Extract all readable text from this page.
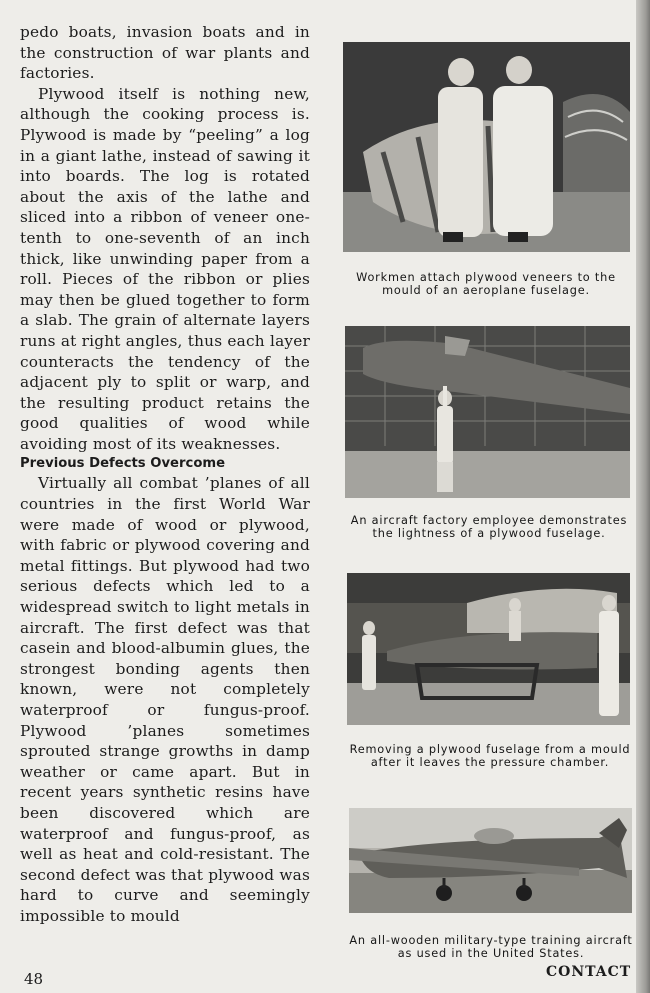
pedo boats, invasion boats and in the construction of war plants and factories.

Plywood itself is nothing new, although the cooking process is. Plywood is made by “peeling” a log in a giant lathe, instead of sawing it into boards. The log is rotated about the axis of the lathe and sliced into a ribbon of veneer one-tenth to one-seventh of an inch thick, like unwinding paper from a roll. Pieces of the ribbon or plies may then be glued together to form a slab. The grain of alternate layers runs at right angles, thus each layer counteracts the tendency of the adjacent ply to split or warp, and the resulting product retains the good qualities of wood while avoiding most of its weaknesses.

Previous Defects Overcome

Virtually all combat ’planes of all countries in the first World War were made of wood or plywood, with fabric or plywood covering and metal fittings. But plywood had two serious defects which led to a widespread switch to light metals in aircraft. The first defect was that casein and blood-albumin glues, the strongest bonding agents then known, were not completely waterproof or fungus-proof. Plywood ’planes sometimes sprouted strange growths in damp weather or came apart. But in recent years synthetic resins have been discovered which are waterproof and fungus-proof, as well as heat and cold-resistant. The second defect was that plywood was hard to curve and seemingly impossible to mould

Workmen attach plywood veneers to the mould of an aeroplane fuselage.
An aircraft factory employee demonstrates the lightness of a plywood fuselage.
Removing a plywood fuselage from a mould after it leaves the pressure chamber.
An all-wooden military-type training aircraft as used in the United States.
48	CONTACT
